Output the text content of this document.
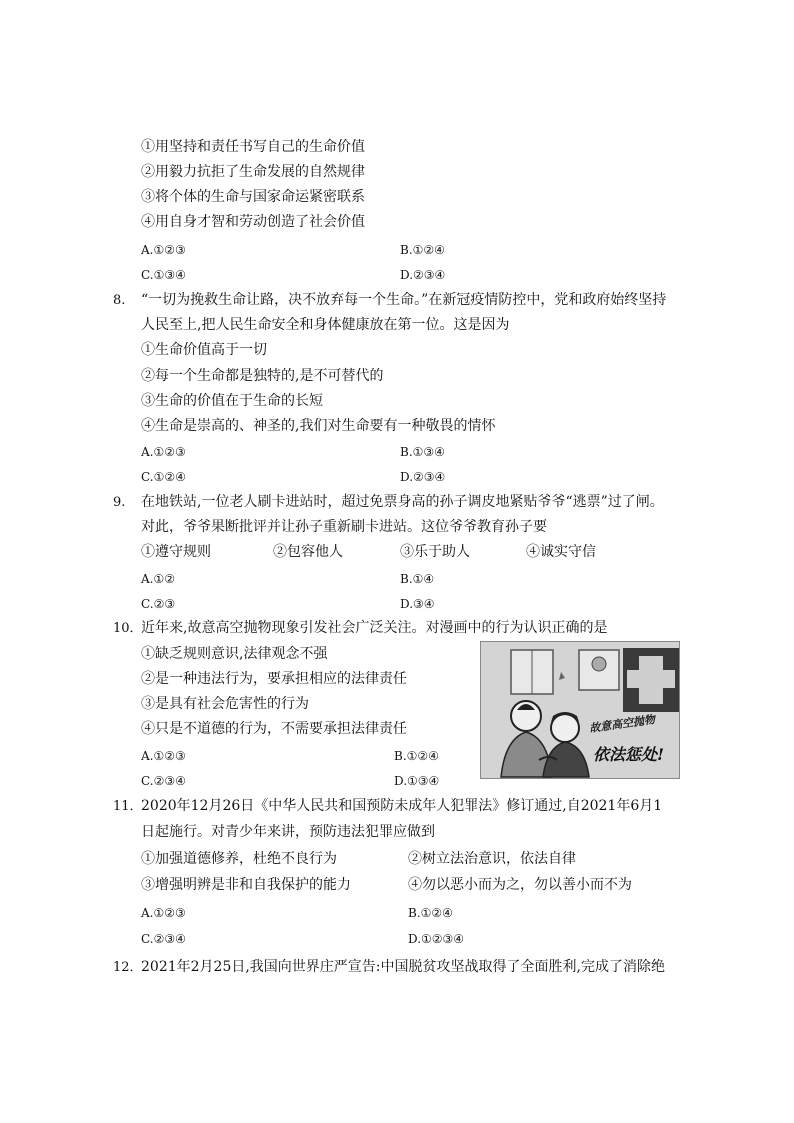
①用坚持和责任书写自己的生命价值
②用毅力抗拒了生命发展的自然规律
③将个体的生命与国家命运紧密联系
④用自身才智和劳动创造了社会价值
A.①②③	B.①②④
C.①③④	D.②③④
8. “一切为挽救生命让路，决不放弃每一个生命。”在新冠疫情防控中，党和政府始终坚持
人民至上,把人民生命安全和身体健康放在第一位。这是因为
①生命价值高于一切
②每一个生命都是独特的,是不可替代的
③生命的价值在于生命的长短
④生命是崇高的、神圣的,我们对生命要有一种敬畏的情怀
A.①②③	B.①③④
C.①②④	D.②③④
9. 在地铁站,一位老人刷卡进站时，超过免票身高的孙子调皮地紧贴爷爷“逃票”过了闸。
对此，爷爷果断批评并让孙子重新刷卡进站。这位爷爷教育孙子要
①遵守规则	②包容他人	③乐于助人	④诚实守信
A.①②	B.①④
C.②③	D.③④
10．
近年来,故意高空抛物现象引发社会广泛关注。对漫画中的行为认识正确的是
①缺乏规则意识,法律观念不强
②是一种违法行为，要承担相应的法律责任
③是具有社会危害性的行为
④只是不道德的行为，不需要承担法律责任
A.①②③	B.①②④
C.②③④	D.①③④
故意高空抛物
依法惩处!
11．
2020年12月26日《中华人民共和国预防未成年人犯罪法》修订通过,自2021年6月1
日起施行。对青少年来讲，预防违法犯罪应做到
①加强道德修养，杜绝不良行为	②树立法治意识，依法自律
③增强明辨是非和自我保护的能力	④勿以恶小而为之，勿以善小而不为
A.①②③	B.①②④
C.②③④	D.①②③④
12．
2021年2月25日,我国向世界庄严宣告:中国脱贫攻坚战取得了全面胜利,完成了消除绝
